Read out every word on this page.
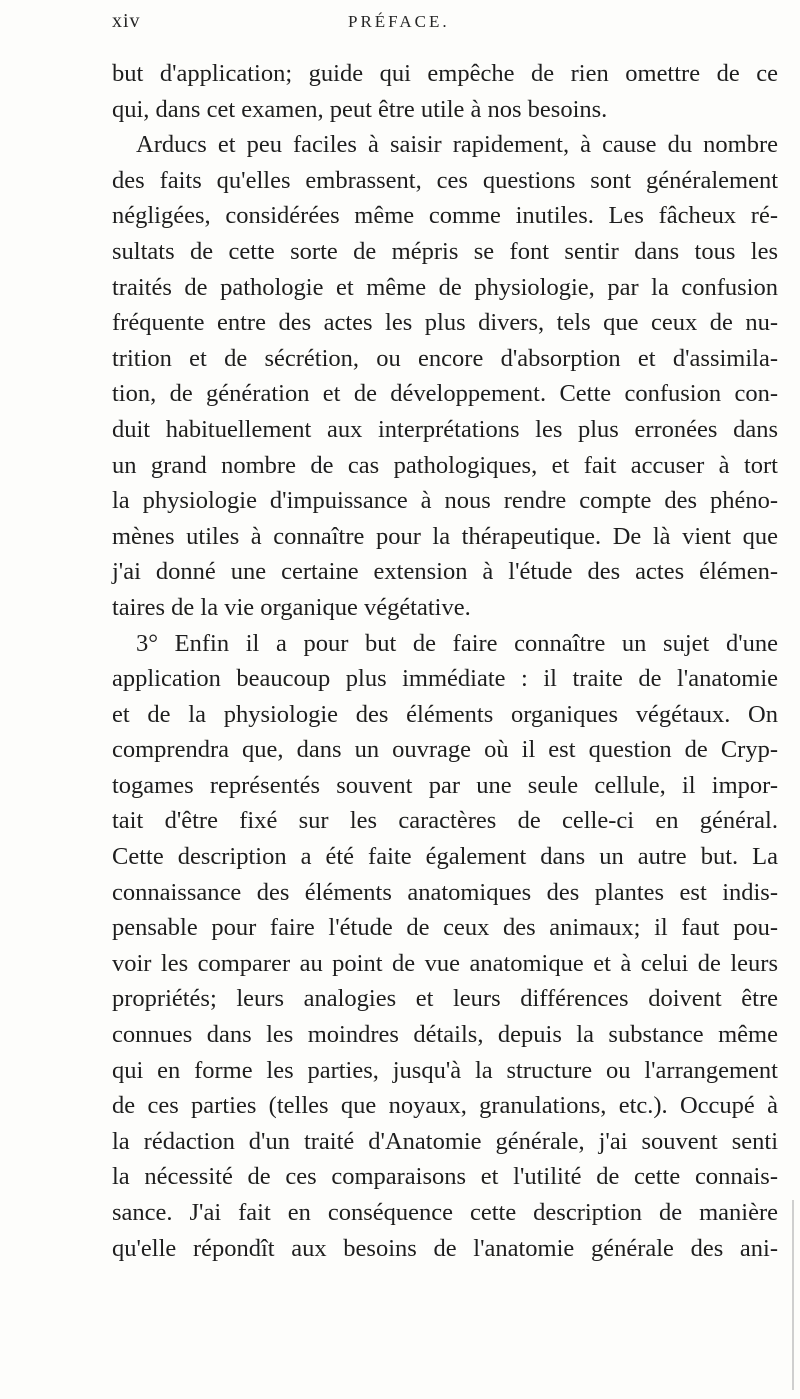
xiv	PRÉFACE.
but d'application; guide qui empêche de rien omettre de ce
qui, dans cet examen, peut être utile à nos besoins.
Arducs et peu faciles à saisir rapidement, à cause du nombre
des faits qu'elles embrassent, ces questions sont généralement
négligées, considérées même comme inutiles. Les fâcheux ré-
sultats de cette sorte de mépris se font sentir dans tous les
traités de pathologie et même de physiologie, par la confusion
fréquente entre des actes les plus divers, tels que ceux de nu-
trition et de sécrétion, ou encore d'absorption et d'assimila-
tion, de génération et de développement. Cette confusion con-
duit habituellement aux interprétations les plus erronées dans
un grand nombre de cas pathologiques, et fait accuser à tort
la physiologie d'impuissance à nous rendre compte des phéno-
mènes utiles à connaître pour la thérapeutique. De là vient que
j'ai donné une certaine extension à l'étude des actes élémen-
taires de la vie organique végétative.
3° Enfin il a pour but de faire connaître un sujet d'une
application beaucoup plus immédiate : il traite de l'anatomie
et de la physiologie des éléments organiques végétaux. On
comprendra que, dans un ouvrage où il est question de Cryp-
togames représentés souvent par une seule cellule, il impor-
tait d'être fixé sur les caractères de celle-ci en général.
Cette description a été faite également dans un autre but. La
connaissance des éléments anatomiques des plantes est indis-
pensable pour faire l'étude de ceux des animaux; il faut pou-
voir les comparer au point de vue anatomique et à celui de leurs
propriétés; leurs analogies et leurs différences doivent être
connues dans les moindres détails, depuis la substance même
qui en forme les parties, jusqu'à la structure ou l'arrangement
de ces parties (telles que noyaux, granulations, etc.). Occupé à
la rédaction d'un traité d'Anatomie générale, j'ai souvent senti
la nécessité de ces comparaisons et l'utilité de cette connais-
sance. J'ai fait en conséquence cette description de manière
qu'elle répondît aux besoins de l'anatomie générale des ani-
